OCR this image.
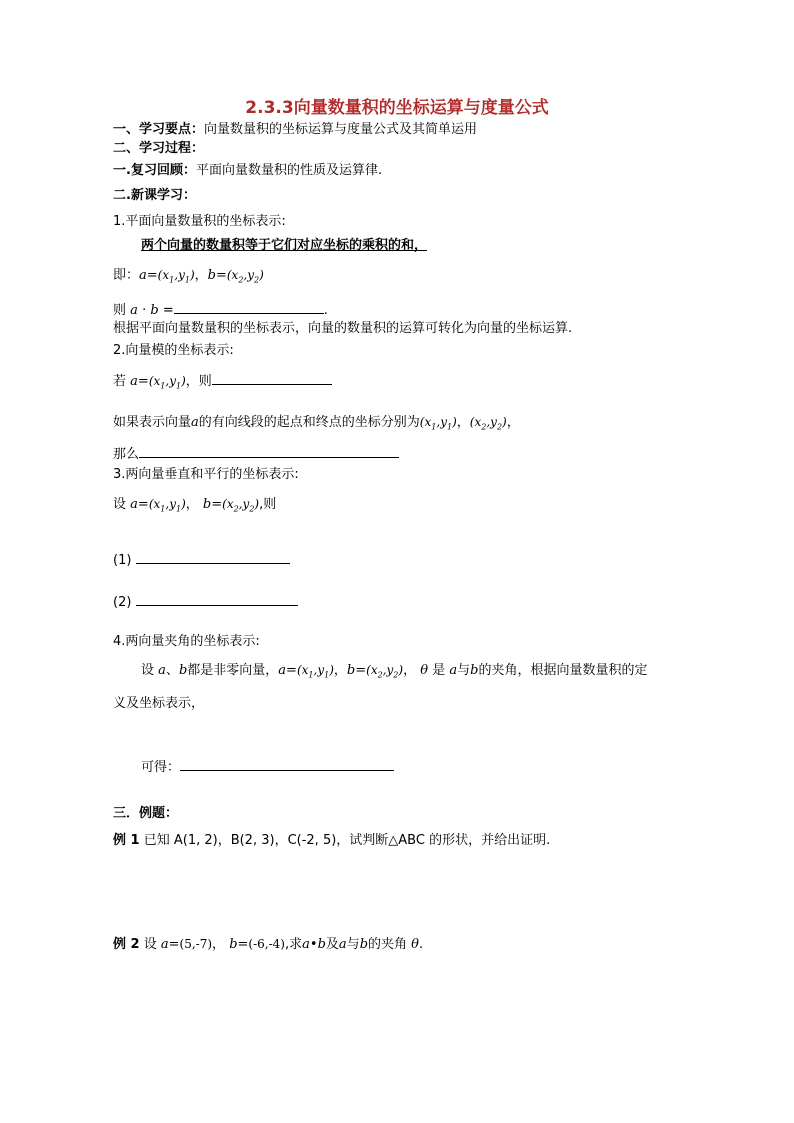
2.3.3向量数量积的坐标运算与度量公式
一、学习要点：向量数量积的坐标运算与度量公式及其简单运用
二、学习过程：
一.复习回顾：平面向量数量积的性质及运算律.
二.新课学习：
1.平面向量数量积的坐标表示:
两个向量的数量积等于它们对应坐标的乘积的和，
即：$a=(x_1,y_1)$，$b=(x_2,y_2)$
则 a · b =	.
根据平面向量数量积的坐标表示，向量的数量积的运算可转化为向量的坐标运算.
2.向量模的坐标表示:
若 $a=(x_1,y_1)$，则
如果表示向量a的有向线段的起点和终点的坐标分别为$(x_1,y_1)$，$(x_2,y_2)$，
那么
3.两向量垂直和平行的坐标表示:
设 $a=(x_1,y_1)$， $b=(x_2,y_2)$,则
(1)
(2)
4.两向量夹角的坐标表示:
设 a、b都是非零向量，$a=(x_1,y_1)$，$b=(x_2,y_2)$， θ 是 a与b的夹角，根据向量数量积的定
义及坐标表示，
可得：
三．例题：
例 1 已知 A(1, 2)，B(2, 3)，C(-2, 5)，试判断△ABC 的形状，并给出证明.
例 2 设 a=(5,-7)， b=(-6,-4),求a•b及a与b的夹角 θ.
